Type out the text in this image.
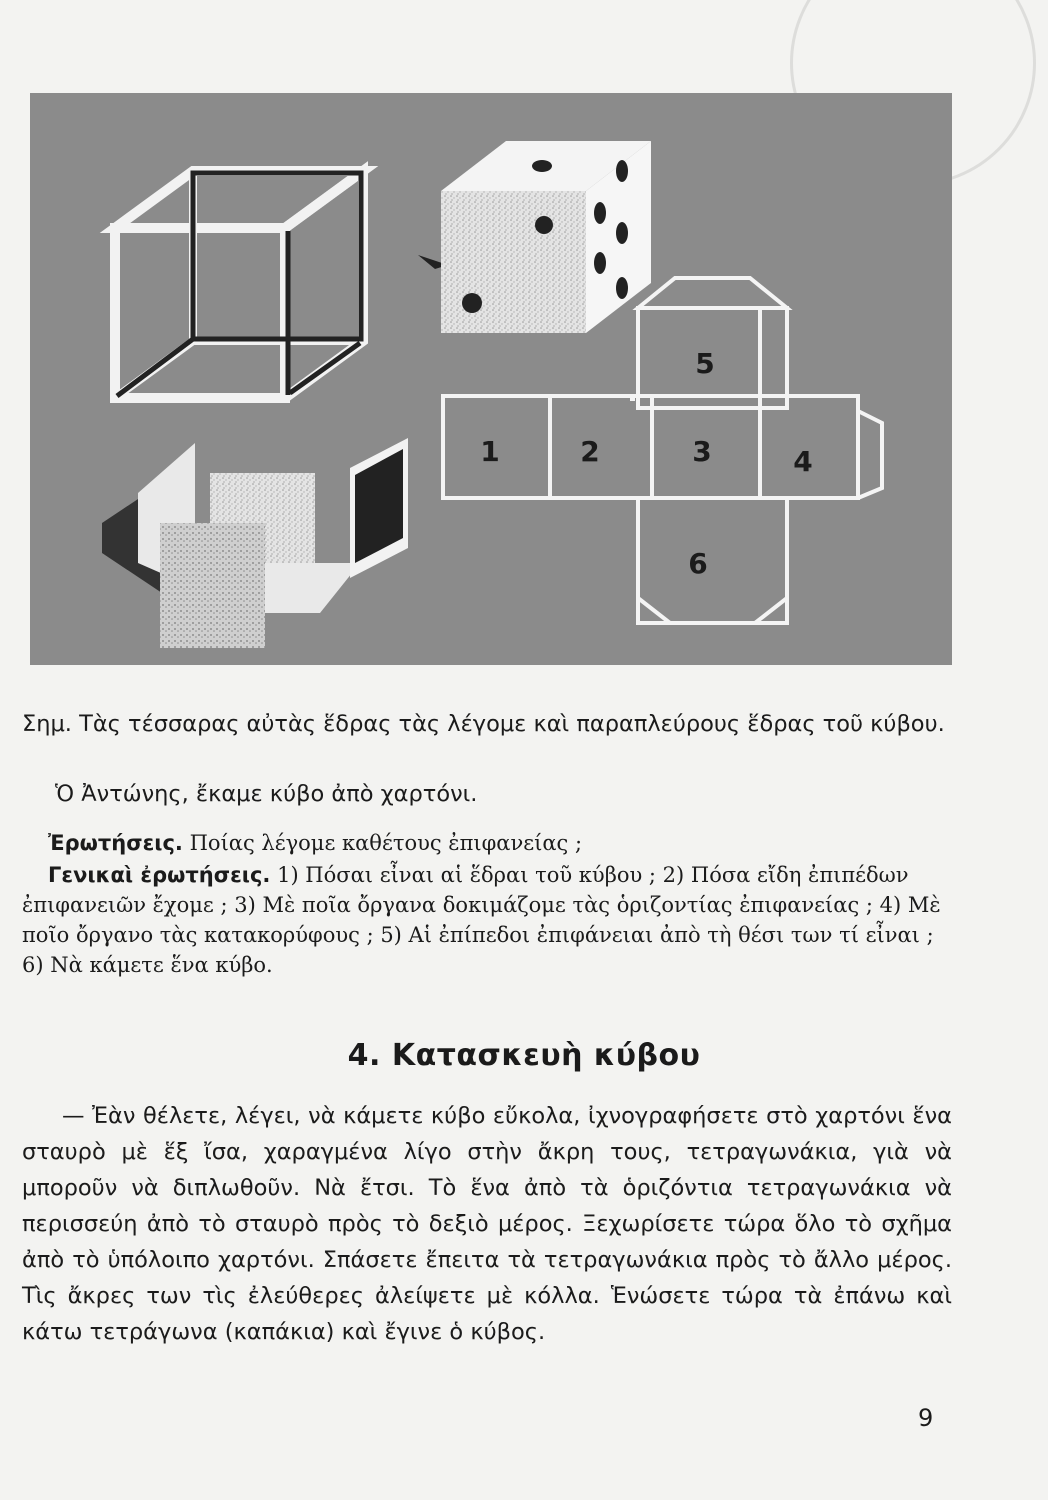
1	2	3	4
5
6

Σημ. Τὰς τέσσαρας αὐτὰς ἕδρας τὰς λέγομε καὶ παραπλεύρους ἕδρας τοῦ κύβου.

Ὁ Ἀντώνης, ἔκαμε κύβο ἀπὸ χαρτόνι.

Ἐρωτήσεις. Ποίας λέγομε καθέτους ἐπιφανείας ;

Γενικαὶ ἐρωτήσεις. 1) Πόσαι εἶναι αἱ ἕδραι τοῦ κύβου ; 2) Πόσα εἴδη ἐπιπέδων ἐπιφανειῶν ἔχομε ; 3) Μὲ ποῖα ὄργανα δοκιμάζομε τὰς ὁριζοντίας ἐπιφανείας ; 4) Μὲ ποῖο ὄργανο τὰς κατακορύφους ; 5) Αἱ ἐπίπεδοι ἐπιφάνειαι ἀπὸ τὴ θέσι των τί εἶναι ; 6) Νὰ κάμετε ἕνα κύβο.

4. Κατασκευὴ κύβου

— Ἐὰν θέλετε, λέγει, νὰ κάμετε κύβο εὔκολα, ἰχνογραφήσετε στὸ χαρτόνι ἕνα σταυρὸ μὲ ἕξ ἴσα, χαραγμένα λίγο στὴν ἄκρη τους, τετραγωνάκια, γιὰ νὰ μποροῦν νὰ διπλωθοῦν. Νὰ ἔτσι. Τὸ ἕνα ἀπὸ τὰ ὁριζόντια τετραγωνάκια νὰ περισσεύη ἀπὸ τὸ σταυρὸ πρὸς τὸ δεξιὸ μέρος. Ξεχωρίσετε τώρα ὅλο τὸ σχῆμα ἀπὸ τὸ ὑπόλοιπο χαρτόνι. Σπάσετε ἔπειτα τὰ τετραγωνάκια πρὸς τὸ ἄλλο μέρος. Τὶς ἄκρες των τὶς ἐλεύθερες ἀλείψετε μὲ κόλλα. Ἑνώσετε τώρα τὰ ἐπάνω καὶ κάτω τετράγωνα (καπάκια) καὶ ἔγινε ὁ κύβος.

9
